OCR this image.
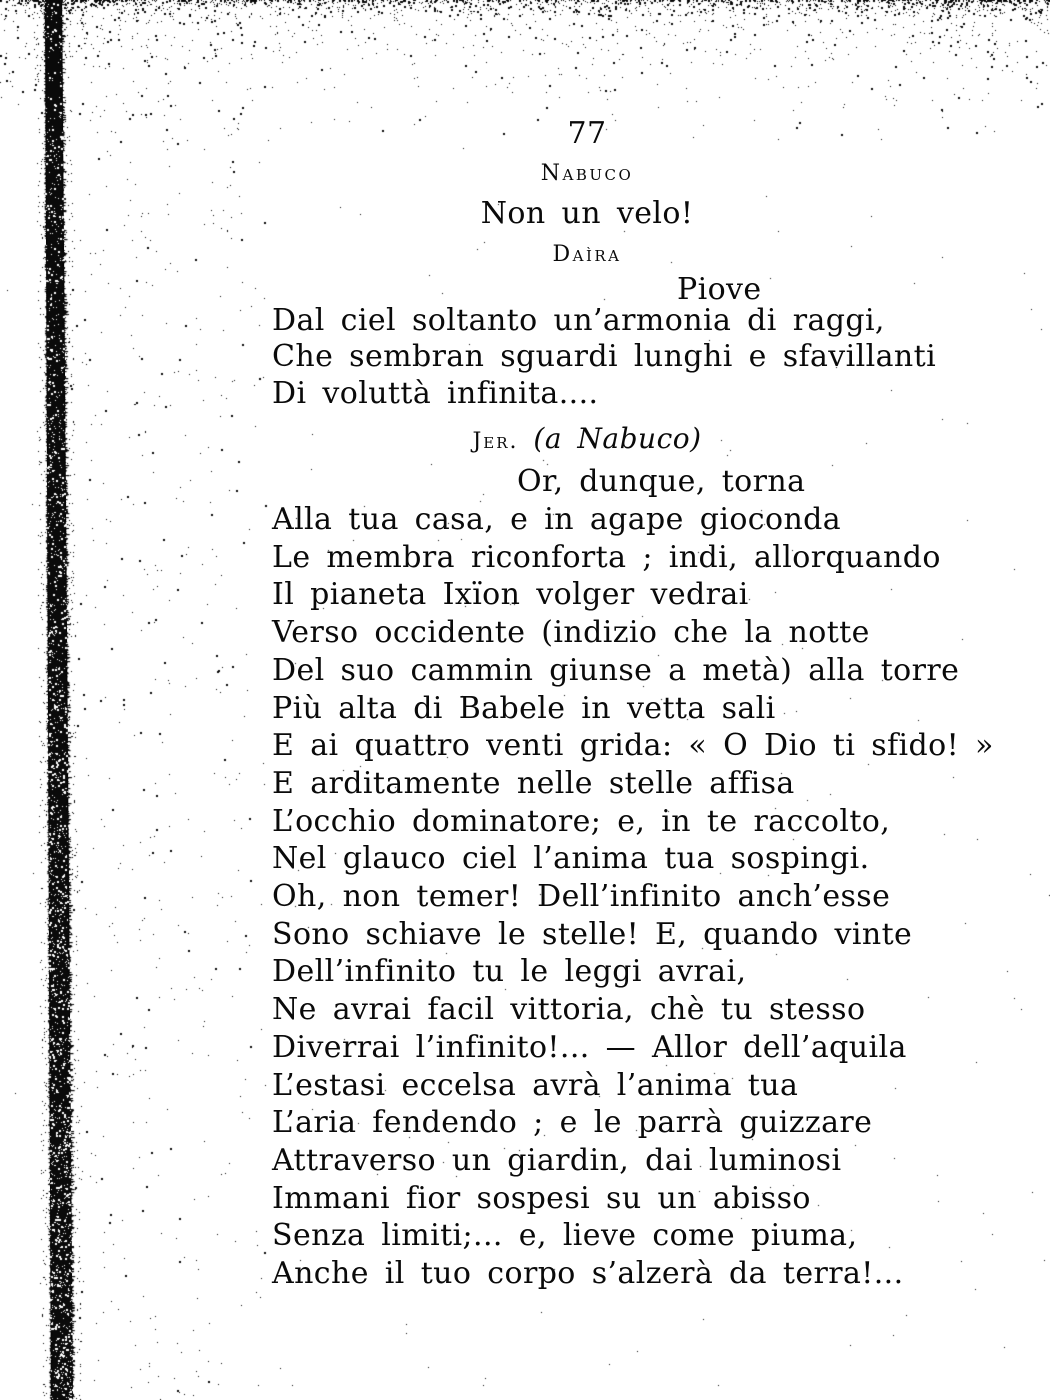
77
Nabuco
Non un velo!
Daìra
Piove
Dal ciel soltanto un’armonia di raggi,
Che sembran sguardi lunghi e sfavillanti
Di voluttà infinita....
Jer. (a Nabuco)
Or, dunque, torna
Alla tua casa, e in agape gioconda
Le membra riconforta ; indi, allorquando
Il pianeta Ixïon volger vedrai
Verso occidente (indizio che la notte
Del suo cammin giunse a metà) alla torre
Più alta di Babele in vetta sali
E ai quattro venti grida: « O Dio ti sfido! »
E arditamente nelle stelle affisa
L’occhio dominatore; e, in te raccolto,
Nel glauco ciel l’anima tua sospingi.
Oh, non temer! Dell’infinito anch’esse
Sono schiave le stelle! E, quando vinte
Dell’infinito tu le leggi avrai,
Ne avrai facil vittoria, chè tu stesso
Diverrai l’infinito!... — Allor dell’aquila
L’estasi eccelsa avrà l’anima tua
L’aria fendendo ; e le parrà guizzare
Attraverso un giardin, dai luminosi
Immani fior sospesi su un abisso
Senza limiti;... e, lieve come piuma,
Anche il tuo corpo s’alzerà da terra!...
